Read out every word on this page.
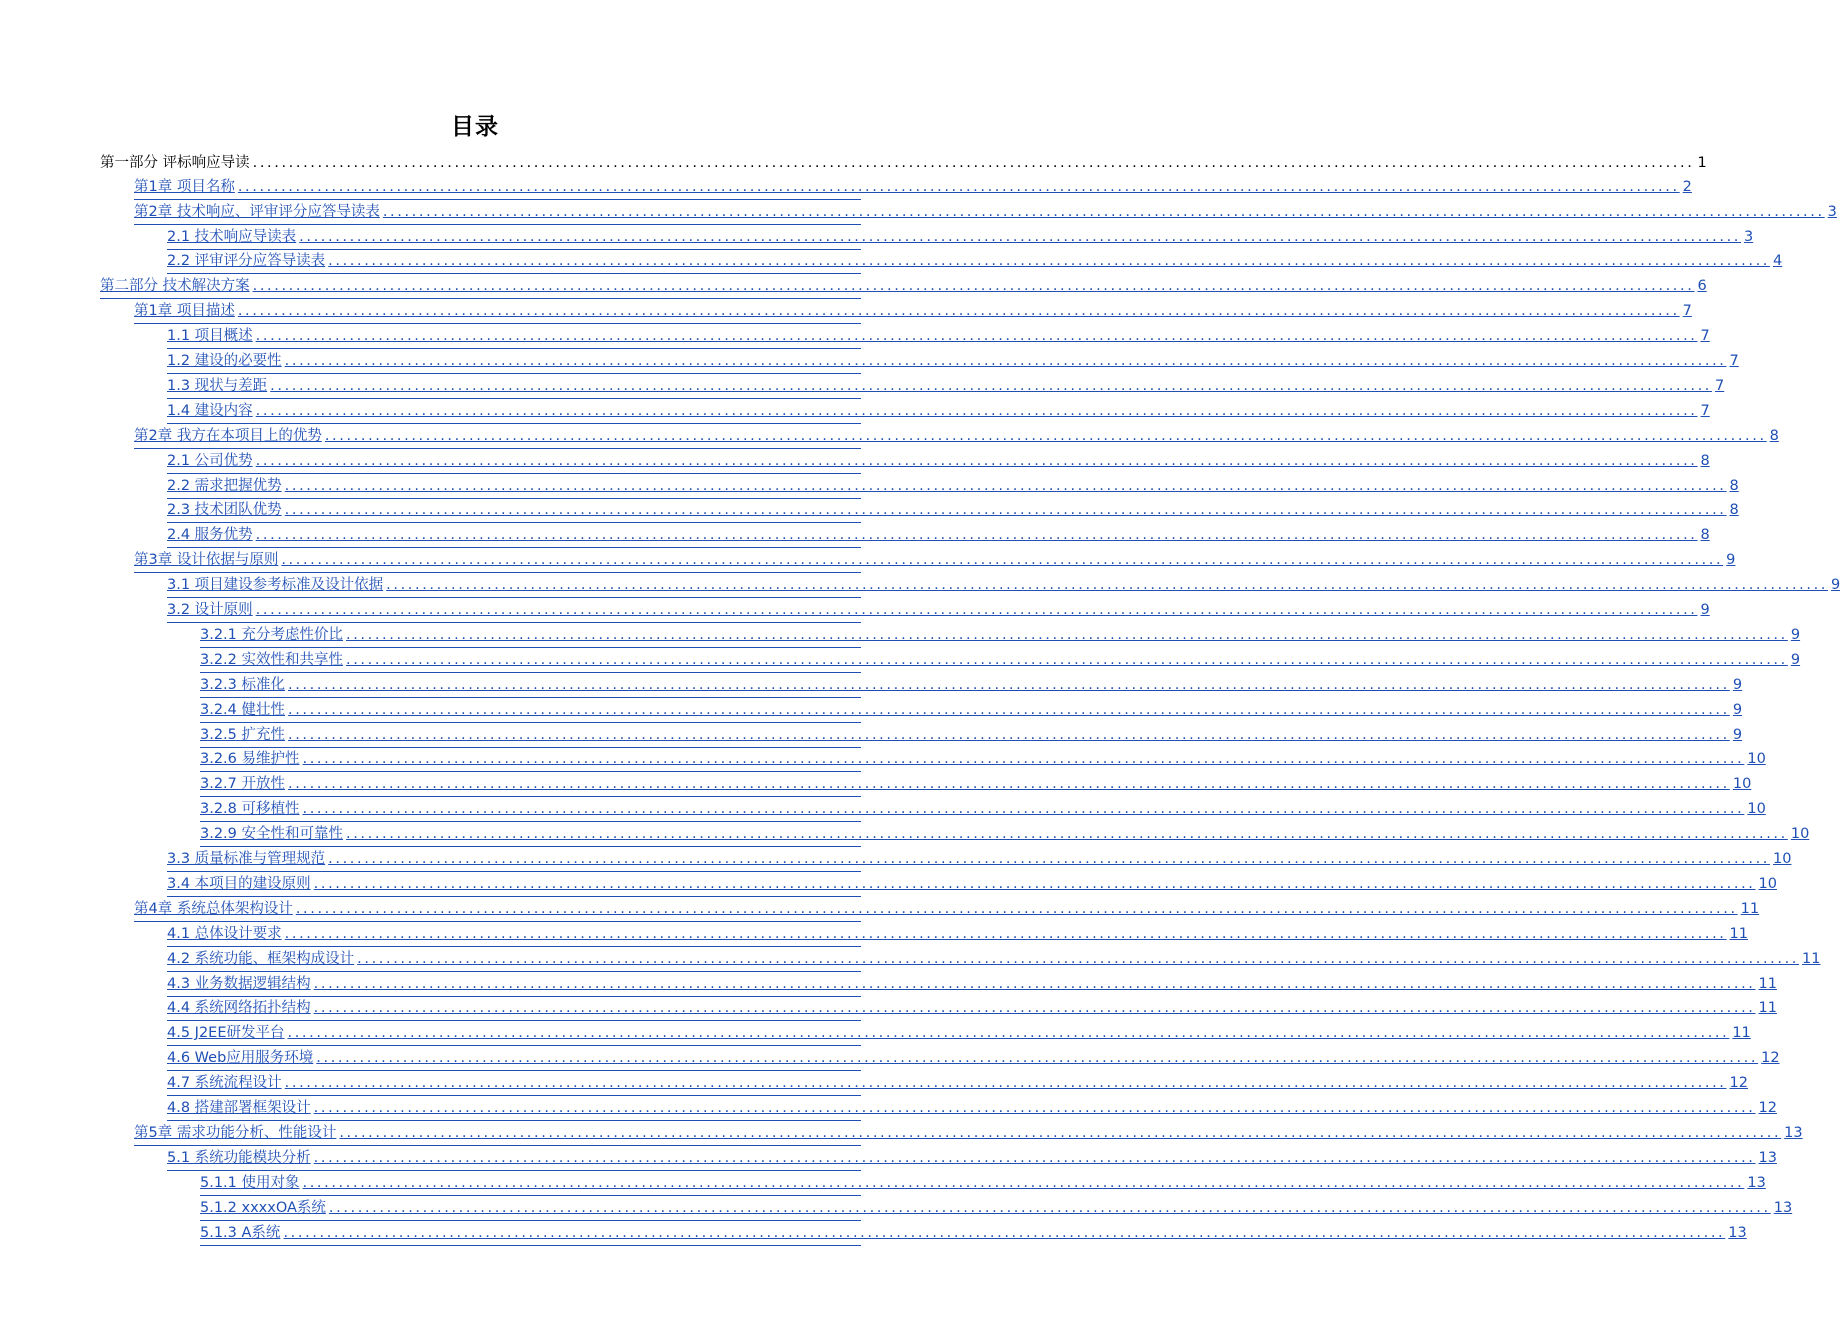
目录
第一部分 评标响应导读 ........................................................................................................................................................................................................ 1
第1章 项目名称 ........................................................................................................................................................................................................ 2
第2章 技术响应、评审评分应答导读表 ........................................................................................................................................................................................................ 3
2.1 技术响应导读表 ........................................................................................................................................................................................................ 3
2.2 评审评分应答导读表 ........................................................................................................................................................................................................ 4
第二部分 技术解决方案 ........................................................................................................................................................................................................ 6
第1章 项目描述 ........................................................................................................................................................................................................ 7
1.1 项目概述 ........................................................................................................................................................................................................ 7
1.2 建设的必要性 ........................................................................................................................................................................................................ 7
1.3 现状与差距 ........................................................................................................................................................................................................ 7
1.4 建设内容 ........................................................................................................................................................................................................ 7
第2章 我方在本项目上的优势 ........................................................................................................................................................................................................ 8
2.1 公司优势 ........................................................................................................................................................................................................ 8
2.2 需求把握优势 ........................................................................................................................................................................................................ 8
2.3 技术团队优势 ........................................................................................................................................................................................................ 8
2.4 服务优势 ........................................................................................................................................................................................................ 8
第3章 设计依据与原则 ........................................................................................................................................................................................................ 9
3.1 项目建设参考标准及设计依据 ........................................................................................................................................................................................................ 9
3.2 设计原则 ........................................................................................................................................................................................................ 9
3.2.1 充分考虑性价比 ........................................................................................................................................................................................................ 9
3.2.2 实效性和共享性 ........................................................................................................................................................................................................ 9
3.2.3 标准化 ........................................................................................................................................................................................................ 9
3.2.4 健壮性 ........................................................................................................................................................................................................ 9
3.2.5 扩充性 ........................................................................................................................................................................................................ 9
3.2.6 易维护性 ........................................................................................................................................................................................................ 10
3.2.7 开放性 ........................................................................................................................................................................................................ 10
3.2.8 可移植性 ........................................................................................................................................................................................................ 10
3.2.9 安全性和可靠性 ........................................................................................................................................................................................................ 10
3.3 质量标准与管理规范 ........................................................................................................................................................................................................ 10
3.4 本项目的建设原则 ........................................................................................................................................................................................................ 10
第4章 系统总体架构设计 ........................................................................................................................................................................................................ 11
4.1 总体设计要求 ........................................................................................................................................................................................................ 11
4.2 系统功能、框架构成设计 ........................................................................................................................................................................................................ 11
4.3 业务数据逻辑结构 ........................................................................................................................................................................................................ 11
4.4 系统网络拓扑结构 ........................................................................................................................................................................................................ 11
4.5 J2EE研发平台 ........................................................................................................................................................................................................ 11
4.6 Web应用服务环境 ........................................................................................................................................................................................................ 12
4.7 系统流程设计 ........................................................................................................................................................................................................ 12
4.8 搭建部署框架设计 ........................................................................................................................................................................................................ 12
第5章 需求功能分析、性能设计 ........................................................................................................................................................................................................ 13
5.1 系统功能模块分析 ........................................................................................................................................................................................................ 13
5.1.1 使用对象 ........................................................................................................................................................................................................ 13
5.1.2 xxxxOA系统 ........................................................................................................................................................................................................ 13
5.1.3 A系统 ........................................................................................................................................................................................................ 13
